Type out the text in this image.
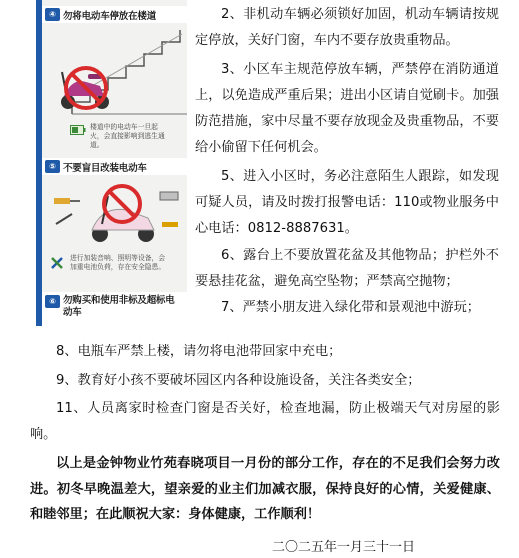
④ 勿将电动车停放在楼道
楼道中的电动车一旦起火，会直接影响到逃生通道。
⑤ 不要盲目改装电动车
进行加装音响、照明等设备，会加重电池负荷，存在安全隐患。
⑥ 勿购买和使用非标及超标电动车

2、非机动车辆必须锁好加固，机动车辆请按规定停放，关好门窗，车内不要存放贵重物品。

3、小区车主规范停放车辆，严禁停在消防通道上，以免造成严重后果；进出小区请自觉刷卡。加强防范措施，家中尽量不要存放现金及贵重物品，不要给小偷留下任何机会。

5、进入小区时，务必注意陌生人跟踪，如发现可疑人员，请及时拨打报警电话：110或物业服务中心电话：0812-8887631。

6、露台上不要放置花盆及其他物品；护栏外不要悬挂花盆，避免高空坠物；严禁高空抛物；

7、严禁小朋友进入绿化带和景观池中游玩；

8、电瓶车严禁上楼，请勿将电池带回家中充电；

9、教育好小孩不要破坏园区内各种设施设备，关注各类安全；

11、人员离家时检查门窗是否关好，检查地漏，防止极端天气对房屋的影响。

以上是金钟物业竹苑春晓项目一月份的部分工作，存在的不足我们会努力改进。初冬早晚温差大，望亲爱的业主们加减衣服，保持良好的心情，关爱健康、和睦邻里；在此顺祝大家：身体健康，工作顺利！

二〇二五年一月三十一日
